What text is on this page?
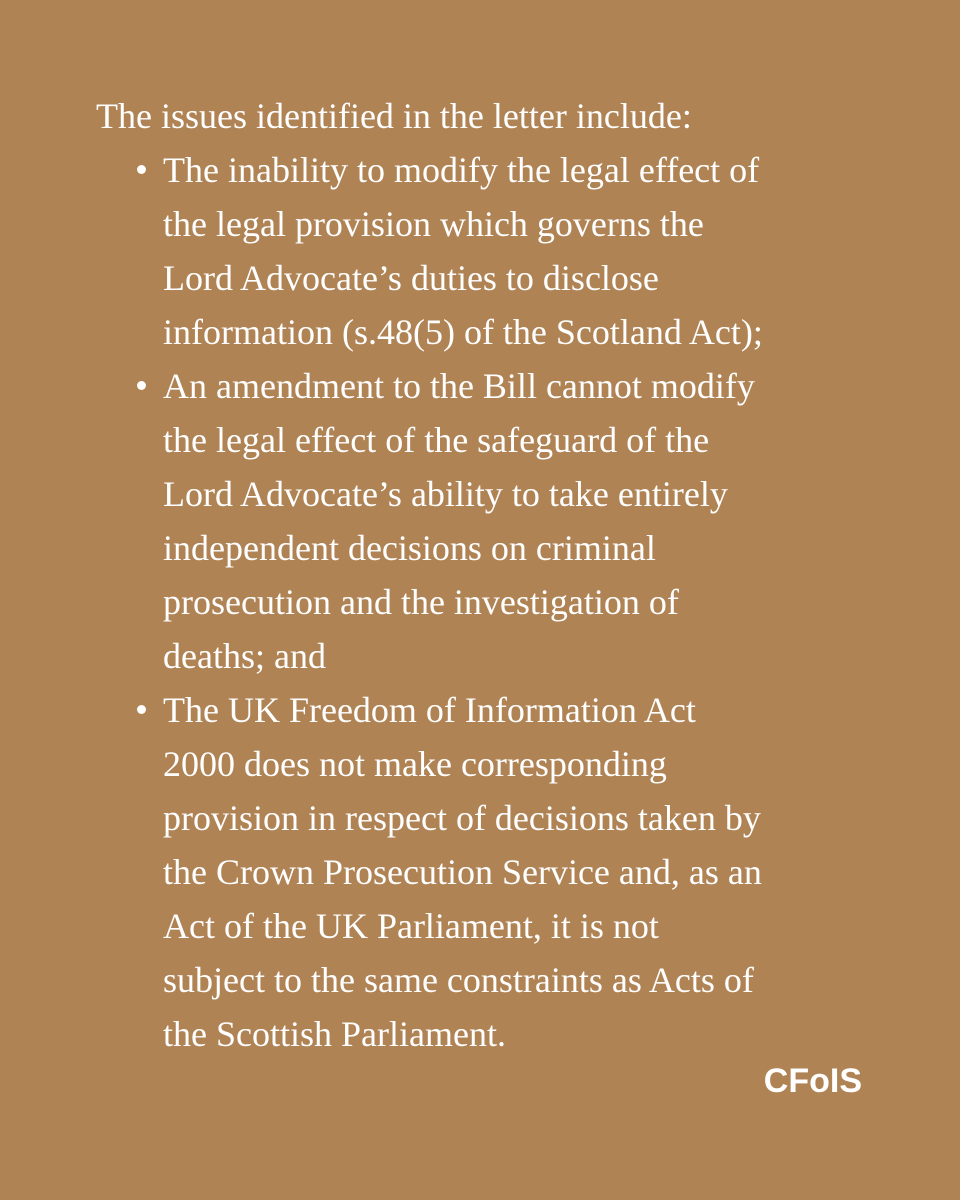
The issues identified in the letter include:

The inability to modify the legal effect of
the legal provision which governs the
Lord Advocate’s duties to disclose
information (s.48(5) of the Scotland Act);
An amendment to the Bill cannot modify
the legal effect of the safeguard of the
Lord Advocate’s ability to take entirely
independent decisions on criminal
prosecution and the investigation of
deaths; and
The UK Freedom of Information Act
2000 does not make corresponding
provision in respect of decisions taken by
the Crown Prosecution Service and, as an
Act of the UK Parliament, it is not
subject to the same constraints as Acts of
the Scottish Parliament.
CFoIS
